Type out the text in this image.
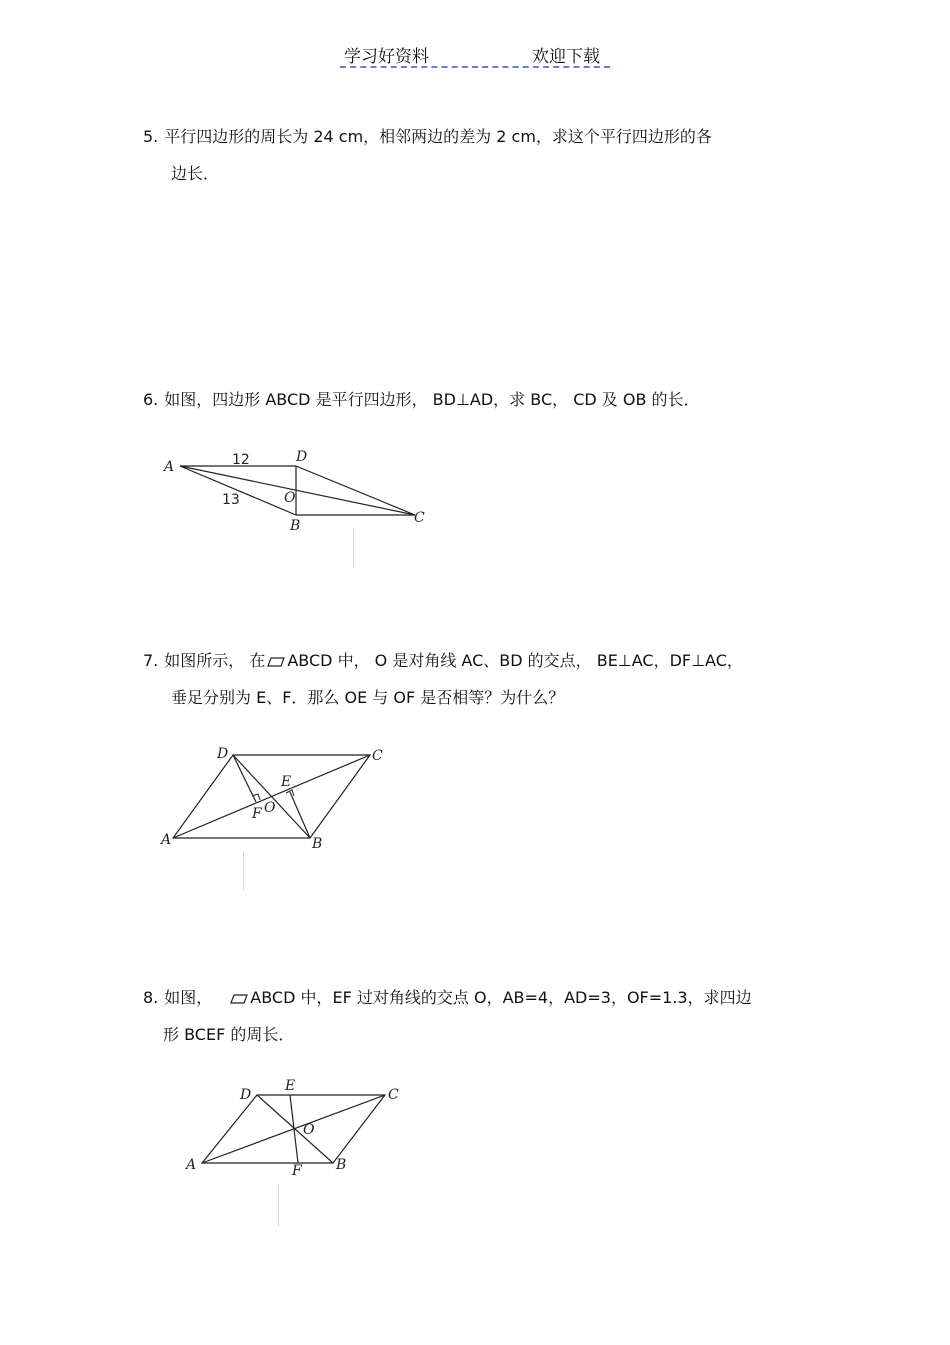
学习好资料	欢迎下载
5. 平行四边形的周长为 24 cm，相邻两边的差为 2 cm，求这个平行四边形的各
边长．
6. 如图，四边形 ABCD 是平行四边形， BD⊥AD，求 BC， CD 及 OB 的长．
A
D
O
B	C
12
13
7. 如图所示， 在 ABCD 中， O 是对角线 AC、BD 的交点， BE⊥AC，DF⊥AC，
垂足分别为 E、F．那么 OE 与 OF 是否相等？为什么？
D	C
E
O
F
A	B
8. 如图， ABCD 中，EF 过对角线的交点 O，AB=4，AD=3，OF=1.3，求四边
形 BCEF 的周长．
D
E
C
O
A	F B
